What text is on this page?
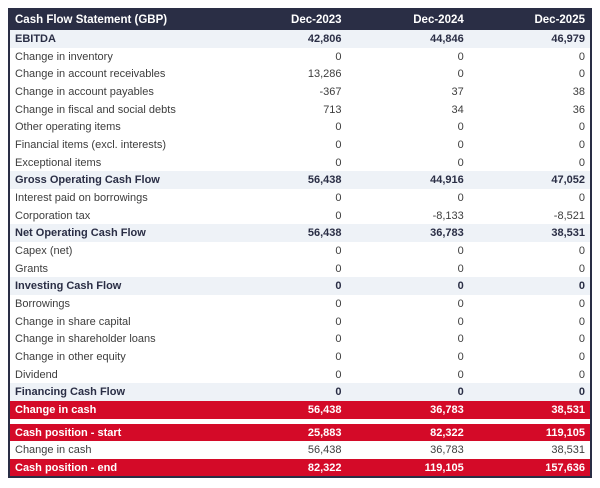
Cash Flow Statement (GBP)	Dec-2023	Dec-2024	Dec-2025
EBITDA	42,806	44,846	46,979
Change in inventory	0	0	0
Change in account receivables	13,286	0	0
Change in account payables	-367	37	38
Change in fiscal and social debts	713	34	36
Other operating items	0	0	0
Financial items (excl. interests)	0	0	0
Exceptional items	0	0	0
Gross Operating Cash Flow	56,438	44,916	47,052
Interest paid on borrowings	0	0	0
Corporation tax	0	-8,133	-8,521
Net Operating Cash Flow	56,438	36,783	38,531
Capex (net)	0	0	0
Grants	0	0	0
Investing Cash Flow	0	0	0
Borrowings	0	0	0
Change in share capital	0	0	0
Change in shareholder loans	0	0	0
Change in other equity	0	0	0
Dividend	0	0	0
Financing Cash Flow	0	0	0
Change in cash	56,438	36,783	38,531

Cash position - start	25,883	82,322	119,105
Change in cash	56,438	36,783	38,531
Cash position - end	82,322	119,105	157,636
